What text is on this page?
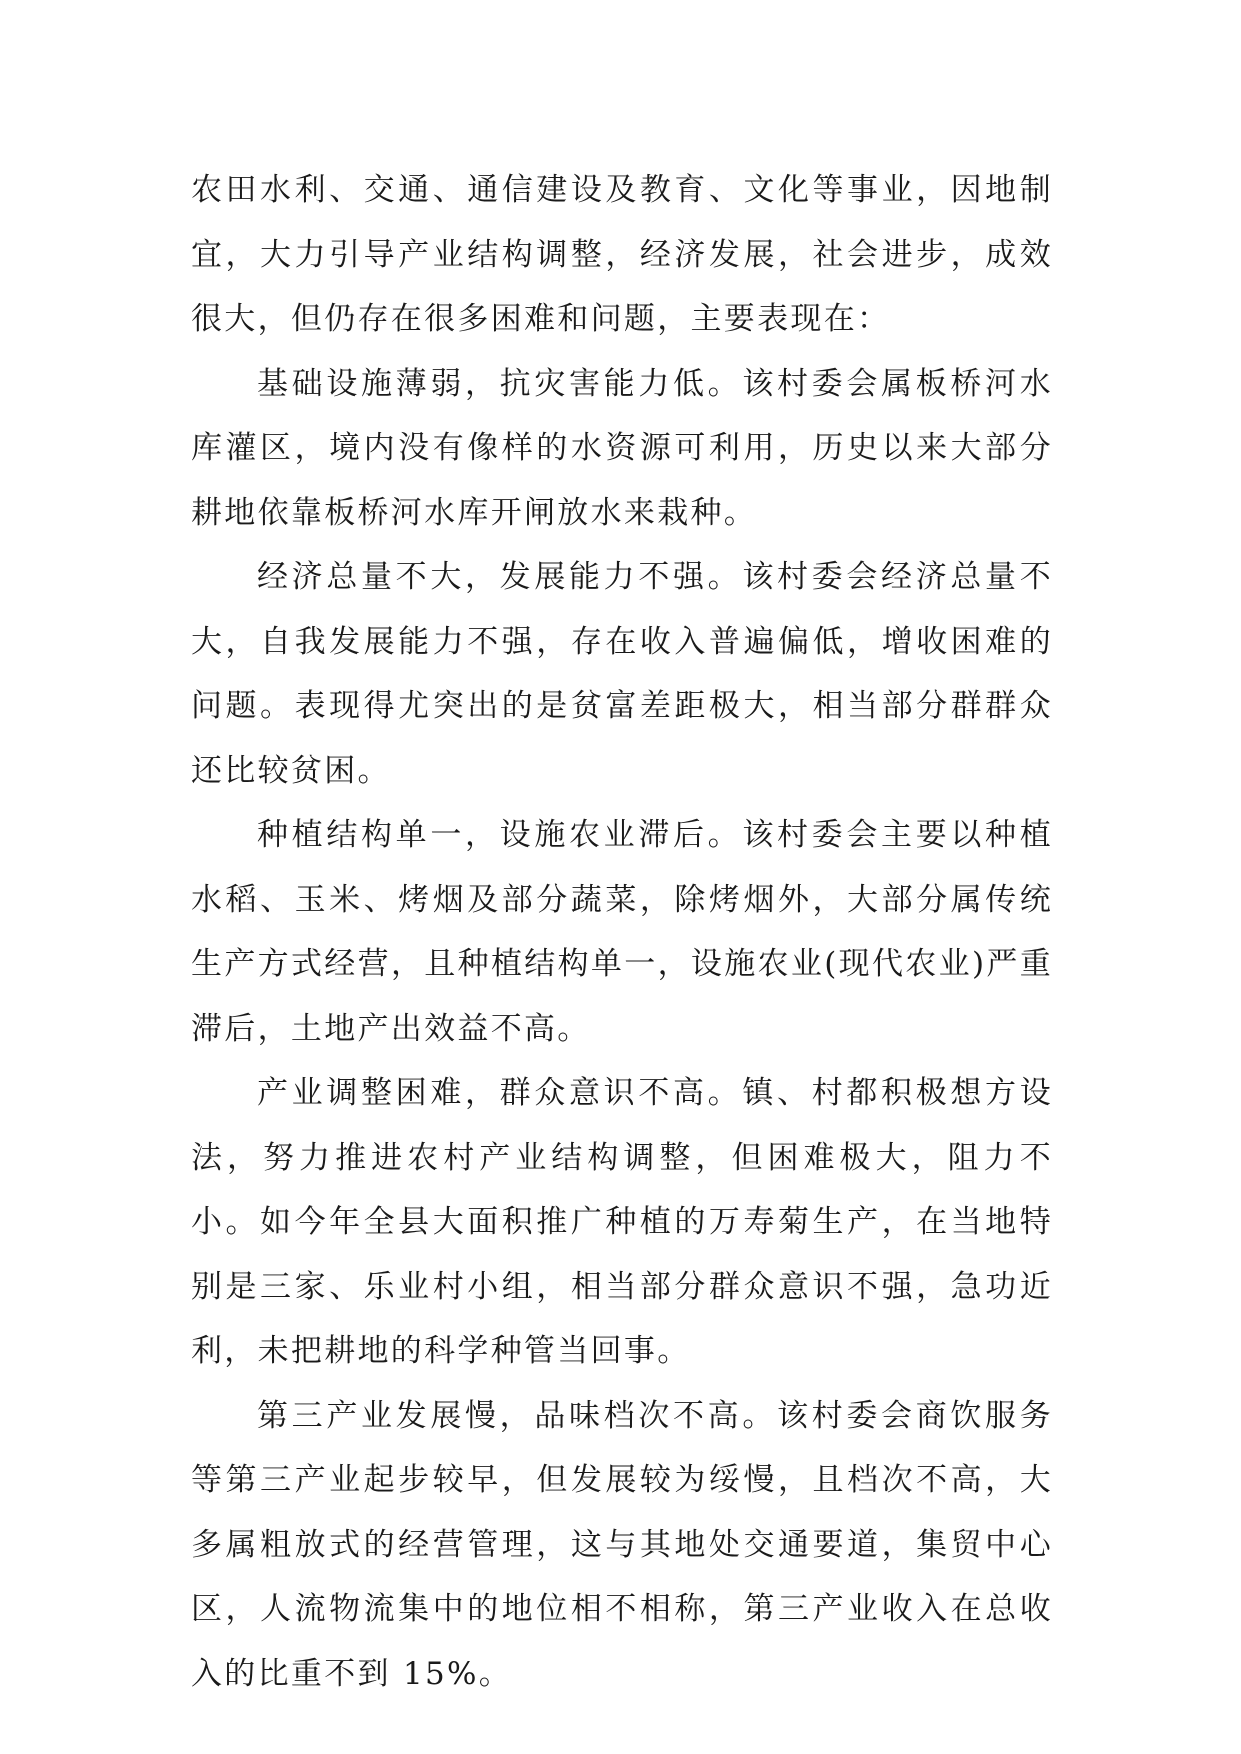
农田水利、交通、通信建设及教育、文化等事业，因地制宜，大力引导产业结构调整，经济发展，社会进步，成效很大，但仍存在很多困难和问题，主要表现在：

基础设施薄弱，抗灾害能力低。该村委会属板桥河水库灌区，境内没有像样的水资源可利用，历史以来大部分耕地依靠板桥河水库开闸放水来栽种。

经济总量不大，发展能力不强。该村委会经济总量不大，自我发展能力不强，存在收入普遍偏低，增收困难的问题。表现得尤突出的是贫富差距极大，相当部分群群众还比较贫困。

种植结构单一，设施农业滞后。该村委会主要以种植水稻、玉米、烤烟及部分蔬菜，除烤烟外，大部分属传统生产方式经营，且种植结构单一，设施农业(现代农业)严重滞后，土地产出效益不高。

产业调整困难，群众意识不高。镇、村都积极想方设法，努力推进农村产业结构调整，但困难极大，阻力不小。如今年全县大面积推广种植的万寿菊生产，在当地特别是三家、乐业村小组，相当部分群众意识不强，急功近利，未把耕地的科学种管当回事。

第三产业发展慢，品味档次不高。该村委会商饮服务等第三产业起步较早，但发展较为绥慢，且档次不高，大多属粗放式的经营管理，这与其地处交通要道，集贸中心区，人流物流集中的地位相不相称，第三产业收入在总收入的比重不到 15%。
